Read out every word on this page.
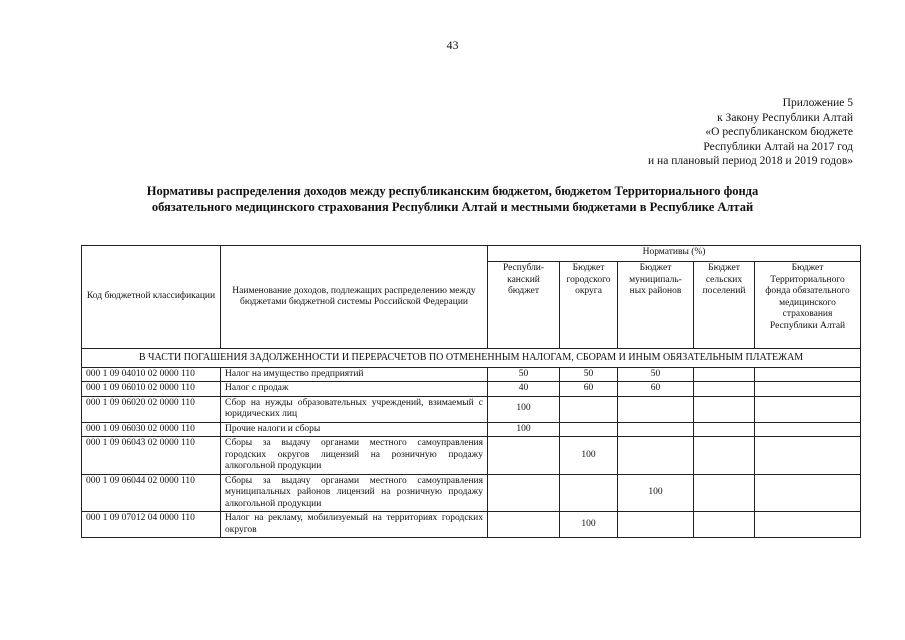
43
Приложение 5
к Закону Республики Алтай
«О республиканском бюджете
Республики Алтай на 2017 год
и на плановый период 2018 и 2019 годов»
Нормативы распределения доходов между республиканским бюджетом, бюджетом Территориального фонда
обязательного медицинского страхования Республики Алтай и местными бюджетами в Республике Алтай
Код бюджетной классификации	Наименование доходов, подлежащих распределению между бюджетами бюджетной системы Российской Федерации	Нормативы (%)				
		Республи-канский бюджет	Бюджет городского округа	Бюджет муниципаль-ных районов	Бюджет сельских поселений	Бюджет Территориального фонда обязательного медицинского страхования Республики Алтай
В ЧАСТИ ПОГАШЕНИЯ ЗАДОЛЖЕННОСТИ И ПЕРЕРАСЧЕТОВ ПО ОТМЕНЕННЫМ НАЛОГАМ, СБОРАМ И ИНЫМ ОБЯЗАТЕЛЬНЫМ ПЛАТЕЖАМ						
000 1 09 04010 02 0000 110	Налог на имущество предприятий	50	50	50		
000 1 09 06010 02 0000 110	Налог с продаж	40	60	60		
000 1 09 06020 02 0000 110	Сбор на нужды образовательных учреждений, взимаемый с юридических лиц	100				
000 1 09 06030 02 0000 110	Прочие налоги и сборы	100				
000 1 09 06043 02 0000 110	Сборы за выдачу органами местного самоуправления городских округов лицензий на розничную продажу алкогольной продукции		100			
000 1 09 06044 02 0000 110	Сборы за выдачу органами местного самоуправления муниципальных районов лицензий на розничную продажу алкогольной продукции			100		
000 1 09 07012 04 0000 110	Налог на рекламу, мобилизуемый на территориях городских округов		100			
